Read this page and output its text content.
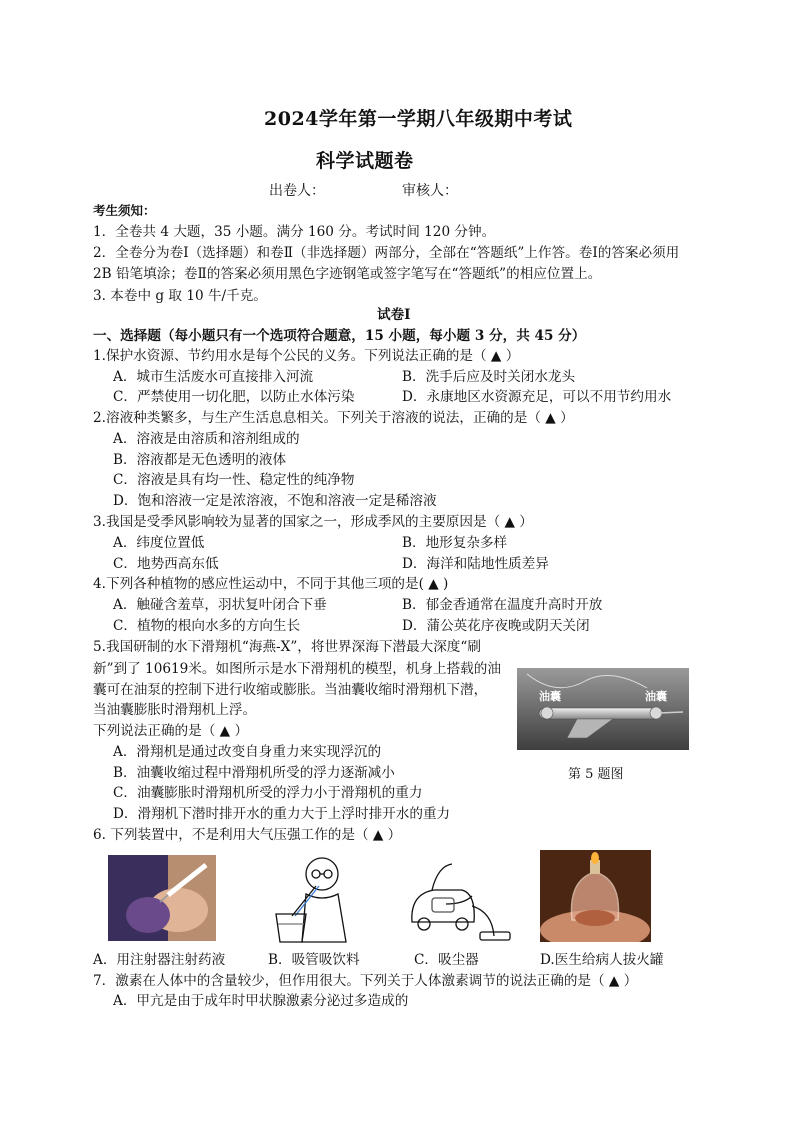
2024学年第一学期八年级期中考试
科学试题卷
出卷人：	审核人：
考生须知：
1．全卷共 4 大题，35 小题。满分 160 分。考试时间 120 分钟。
2．全卷分为卷Ⅰ（选择题）和卷Ⅱ（非选择题）两部分，全部在“答题纸”上作答。卷Ⅰ的答案必须用
2B 铅笔填涂；卷Ⅱ的答案必须用黑色字迹钢笔或签字笔写在“答题纸”的相应位置上。
3. 本卷中 g 取 10 牛/千克。
试卷Ⅰ
一、选择题（每小题只有一个选项符合题意，15 小题，每小题 3 分，共 45 分）
1.保护水资源、节约用水是每个公民的义务。下列说法正确的是（ ▲ ）
A．城市生活废水可直接排入河流	B．洗手后应及时关闭水龙头
C．严禁使用一切化肥，以防止水体污染	D．永康地区水资源充足，可以不用节约用水
2.溶液种类繁多，与生产生活息息相关。下列关于溶液的说法，正确的是（ ▲ ）
A．溶液是由溶质和溶剂组成的
B．溶液都是无色透明的液体
C．溶液是具有均一性、稳定性的纯净物
D．饱和溶液一定是浓溶液，不饱和溶液一定是稀溶液
3.我国是受季风影响较为显著的国家之一，形成季风的主要原因是（ ▲ ）
A．纬度位置低	B．地形复杂多样
C．地势西高东低	D．海洋和陆地性质差异
4.下列各种植物的感应性运动中，不同于其他三项的是( ▲ )
A．触碰含羞草，羽状复叶闭合下垂	B．郁金香通常在温度升高时开放
C．植物的根向水多的方向生长	D．蒲公英花序夜晚或阴天关闭
5.我国研制的水下滑翔机“海燕-X”，将世界深海下潜最大深度“刷
新”到了 10619米。如图所示是水下滑翔机的模型，机身上搭载的油
囊可在油泵的控制下进行收缩或膨胀。当油囊收缩时滑翔机下潜，
当油囊膨胀时滑翔机上浮。
下列说法正确的是（ ▲ ）
A．滑翔机是通过改变自身重力来实现浮沉的
B．油囊收缩过程中滑翔机所受的浮力逐渐减小
C．油囊膨胀时滑翔机所受的浮力小于滑翔机的重力
D．滑翔机下潜时排开水的重力大于上浮时排开水的重力
油囊	油囊
第 5 题图
6. 下列装置中，不是利用大气压强工作的是（ ▲ ）
A．用注射器注射药液	B．吸管吸饮料	C．吸尘器	D.医生给病人拔火罐
7．激素在人体中的含量较少，但作用很大。下列关于人体激素调节的说法正确的是（ ▲ ）
A．甲亢是由于成年时甲状腺激素分泌过多造成的
